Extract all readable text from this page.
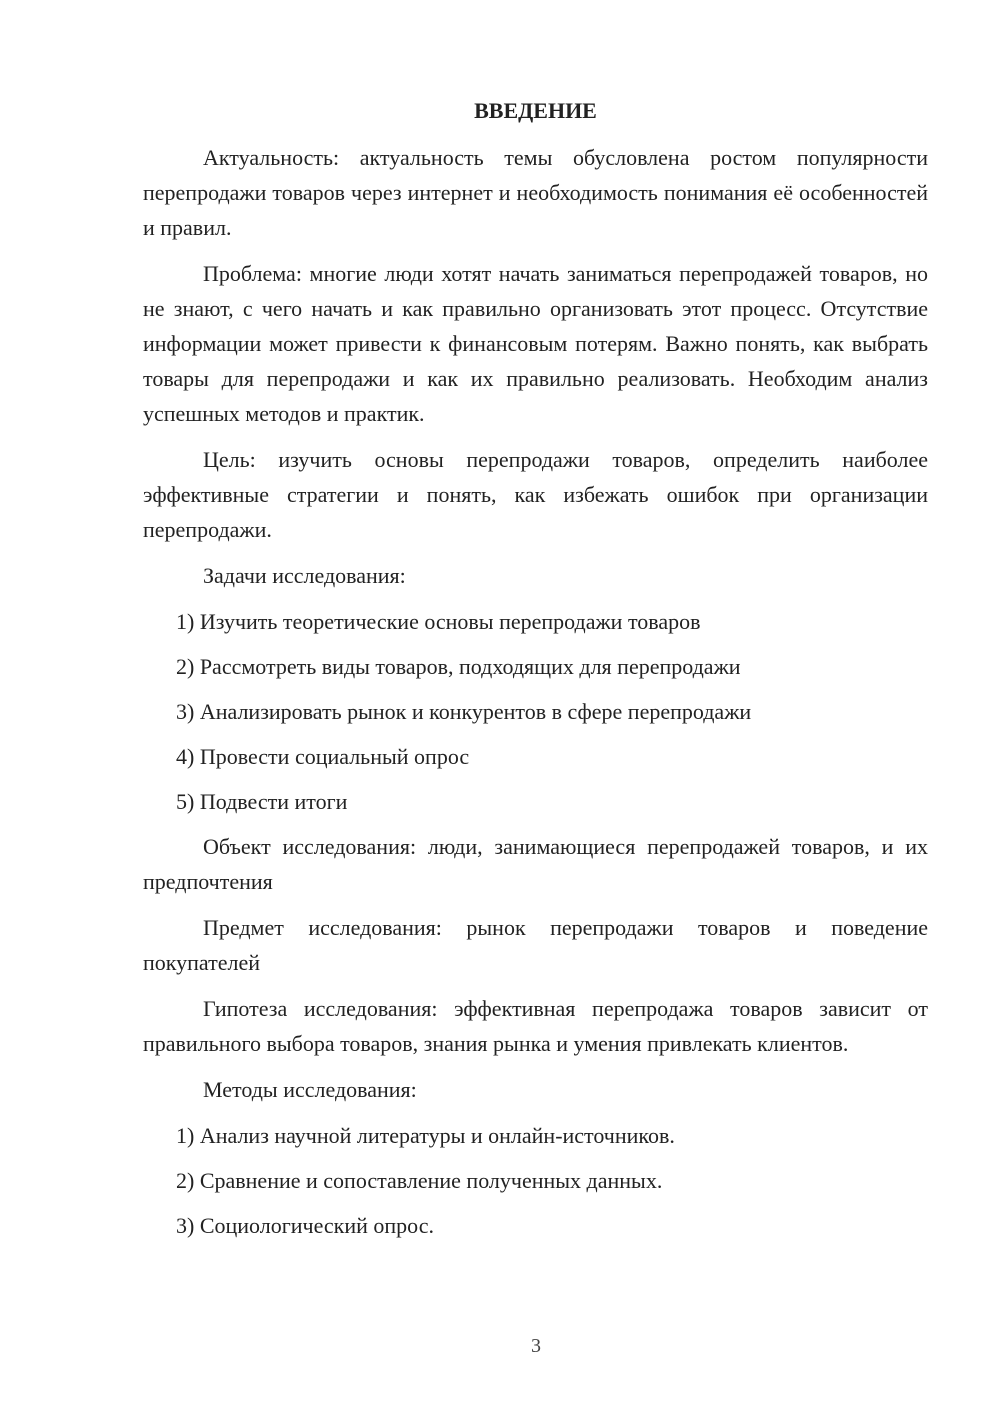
ВВЕДЕНИЕ

Актуальность: актуальность темы обусловлена ростом популярности перепродажи товаров через интернет и необходимость понимания её особенностей и правил.

Проблема: многие люди хотят начать заниматься перепродажей товаров, но не знают, с чего начать и как правильно организовать этот процесс. Отсутствие информации может привести к финансовым потерям. Важно понять, как выбрать товары для перепродажи и как их правильно реализовать. Необходим анализ успешных методов и практик.

Цель: изучить основы перепродажи товаров, определить наиболее эффективные стратегии и понять, как избежать ошибок при организации перепродажи.

Задачи исследования:

1) Изучить теоретические основы перепродажи товаров
2) Рассмотреть виды товаров, подходящих для перепродажи
3) Анализировать рынок и конкурентов в сфере перепродажи
4) Провести социальный опрос
5) Подвести итоги

Объект исследования: люди, занимающиеся перепродажей товаров, и их предпочтения

Предмет исследования: рынок перепродажи товаров и поведение покупателей

Гипотеза исследования: эффективная перепродажа товаров зависит от правильного выбора товаров, знания рынка и умения привлекать клиентов.

Методы исследования:

1) Анализ научной литературы и онлайн-источников.
2) Сравнение и сопоставление полученных данных.
3) Социологический опрос.
3
